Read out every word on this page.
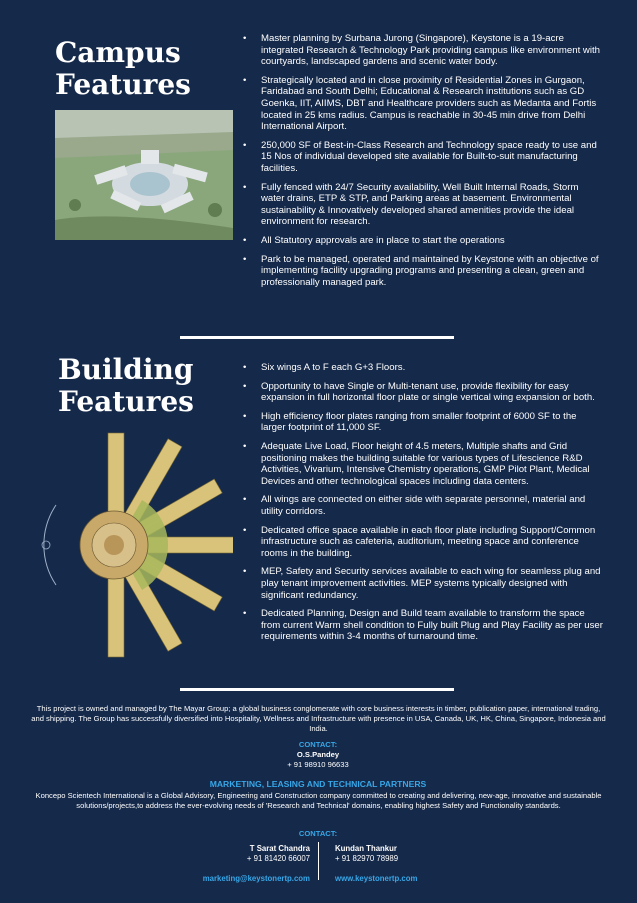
Campus
Features
• Master planning by Surbana Jurong (Singapore), Keystone is a 19-acre integrated Research & Technology Park providing campus like environment with courtyards, landscaped gardens and scenic water body.
• Strategically located and in close proximity of Residential Zones in Gurgaon, Faridabad and South Delhi; Educational & Research institutions such as GD Goenka, IIT, AIIMS, DBT and Healthcare providers such as Medanta and Fortis located in 25 kms radius. Campus is reachable in 30-45 min drive from Delhi International Airport.
• 250,000 SF of Best-in-Class Research and Technology space ready to use and 15 Nos of individual developed site available for Built-to-suit manufacturing facilities.
• Fully fenced with 24/7 Security availability, Well Built Internal Roads, Storm water drains, ETP & STP, and Parking areas at basement. Environmental sustainability & Innovatively developed shared amenities provide the ideal environment for research.
• All Statutory approvals are in place to start the operations
• Park to be managed, operated and maintained by Keystone with an objective of implementing facility upgrading programs and presenting a clean, green and professionally managed park.
Building
Features
• Six wings A to F each G+3 Floors.
• Opportunity to have Single or Multi-tenant use, provide flexibility for easy expansion in full horizontal floor plate or single vertical wing expansion or both.
• High efficiency floor plates ranging from smaller footprint of 6000 SF to the larger footprint of 11,000 SF.
• Adequate Live Load, Floor height of 4.5 meters, Multiple shafts and Grid positioning makes the building suitable for various types of Lifescience R&D Activities, Vivarium, Intensive Chemistry operations, GMP Pilot Plant, Medical Devices and other technological spaces including data centers.
• All wings are connected on either side with separate personnel, material and utility corridors.
• Dedicated office space available in each floor plate including Support/Common infrastructure such as cafeteria, auditorium, meeting space and conference rooms in the building.
• MEP, Safety and Security services available to each wing for seamless plug and play tenant improvement activities. MEP systems typically designed with significant redundancy.
• Dedicated Planning, Design and Build team available to transform the space from current Warm shell condition to Fully built Plug and Play Facility as per user requirements within 3-4 months of turnaround time.

This project is owned and managed by The Mayar Group; a global business conglomerate with core business interests in timber, publication paper, international trading, and shipping. The Group has successfully diversified into Hospitality, Wellness and Infrastructure with presence in USA, Canada, UK, HK, China, Singapore, Indonesia and India.

CONTACT:
O.S.Pandey
+ 91 98910 96633
MARKETING, LEASING AND TECHNICAL PARTNERS

Koncepo Scientech International is a Global Advisory, Engineering and Construction company committed to creating and delivering, new-age, innovative and sustainable solutions/projects,to address the ever-evolving needs of 'Research and Technical' domains, enabling highest Safety and Functionality standards.

CONTACT:
T Sarat Chandra
+ 91 81420 66007
marketing@keystonertp.com
Kundan Thankur
+ 91 82970 78989
www.keystonertp.com
